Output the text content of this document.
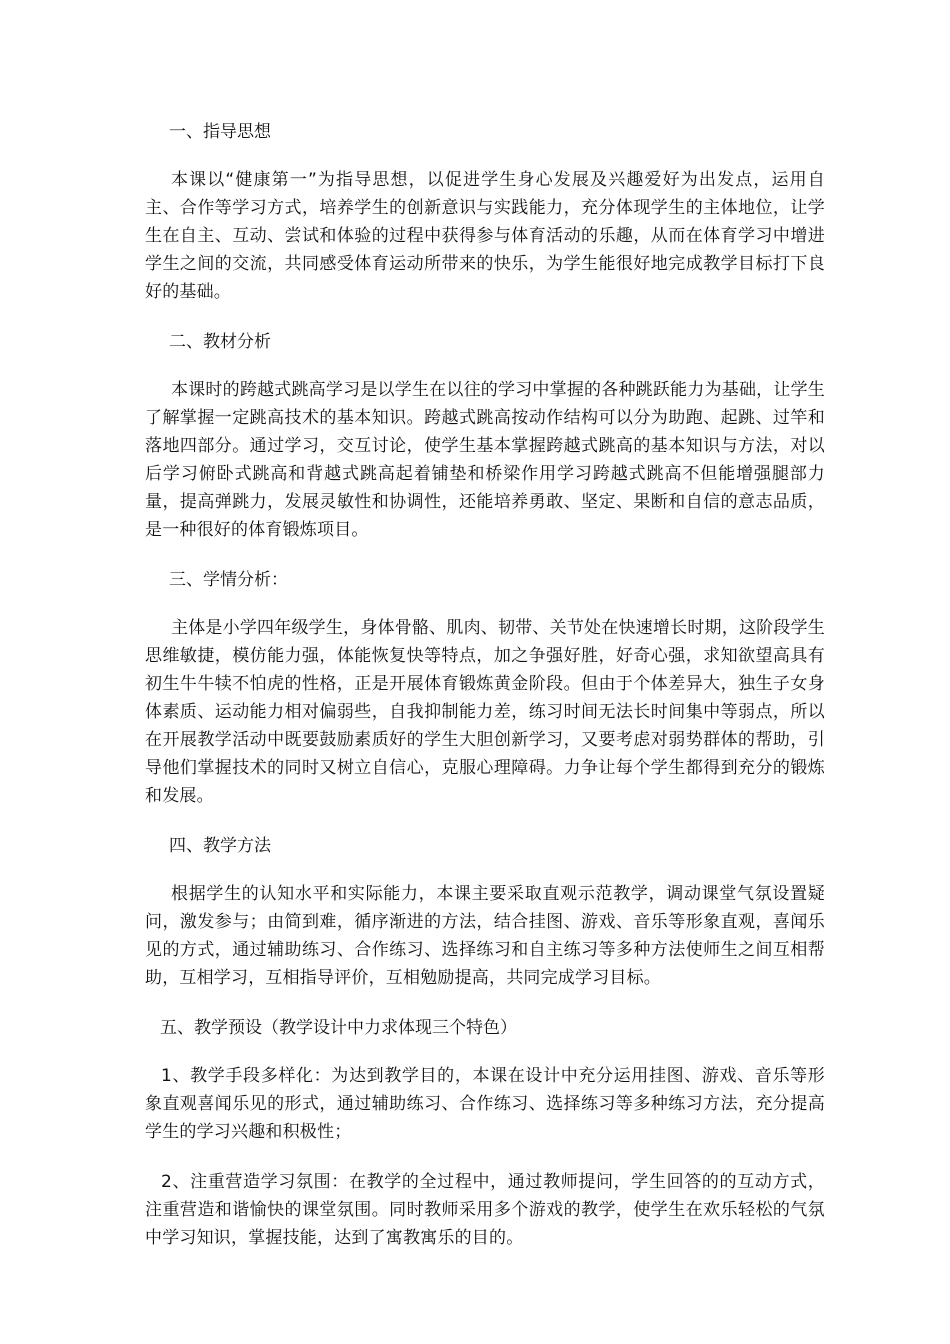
一、指导思想

本课以“健康第一”为指导思想，以促进学生身心发展及兴趣爱好为出发点，运用自主、合作等学习方式，培养学生的创新意识与实践能力，充分体现学生的主体地位，让学生在自主、互动、尝试和体验的过程中获得参与体育活动的乐趣，从而在体育学习中增进学生之间的交流，共同感受体育运动所带来的快乐，为学生能很好地完成教学目标打下良好的基础。

二、教材分析

本课时的跨越式跳高学习是以学生在以往的学习中掌握的各种跳跃能力为基础，让学生了解掌握一定跳高技术的基本知识。跨越式跳高按动作结构可以分为助跑、起跳、过竿和落地四部分。通过学习，交互讨论，使学生基本掌握跨越式跳高的基本知识与方法，对以后学习俯卧式跳高和背越式跳高起着铺垫和桥梁作用学习跨越式跳高不但能增强腿部力量，提高弹跳力，发展灵敏性和协调性，还能培养勇敢、坚定、果断和自信的意志品质，是一种很好的体育锻炼项目。

三、学情分析：

主体是小学四年级学生，身体骨骼、肌肉、韧带、关节处在快速增长时期，这阶段学生思维敏捷，模仿能力强，体能恢复快等特点，加之争强好胜，好奇心强，求知欲望高具有初生牛牛犊不怕虎的性格，正是开展体育锻炼黄金阶段。但由于个体差异大，独生子女身体素质、运动能力相对偏弱些，自我抑制能力差，练习时间无法长时间集中等弱点，所以在开展教学活动中既要鼓励素质好的学生大胆创新学习，又要考虑对弱势群体的帮助，引导他们掌握技术的同时又树立自信心，克服心理障碍。力争让每个学生都得到充分的锻炼和发展。

四、教学方法

根据学生的认知水平和实际能力，本课主要采取直观示范教学，调动课堂气氛设置疑问，激发参与；由简到难，循序渐进的方法，结合挂图、游戏、音乐等形象直观，喜闻乐见的方式，通过辅助练习、合作练习、选择练习和自主练习等多种方法使师生之间互相帮助，互相学习，互相指导评价，互相勉励提高，共同完成学习目标。

五、教学预设（教学设计中力求体现三个特色）

1、教学手段多样化：为达到教学目的，本课在设计中充分运用挂图、游戏、音乐等形象直观喜闻乐见的形式，通过辅助练习、合作练习、选择练习等多种练习方法，充分提高学生的学习兴趣和积极性；

2、注重营造学习氛围：在教学的全过程中，通过教师提问，学生回答的的互动方式，注重营造和谐愉快的课堂氛围。同时教师采用多个游戏的教学，使学生在欢乐轻松的气氛中学习知识，掌握技能，达到了寓教寓乐的目的。
